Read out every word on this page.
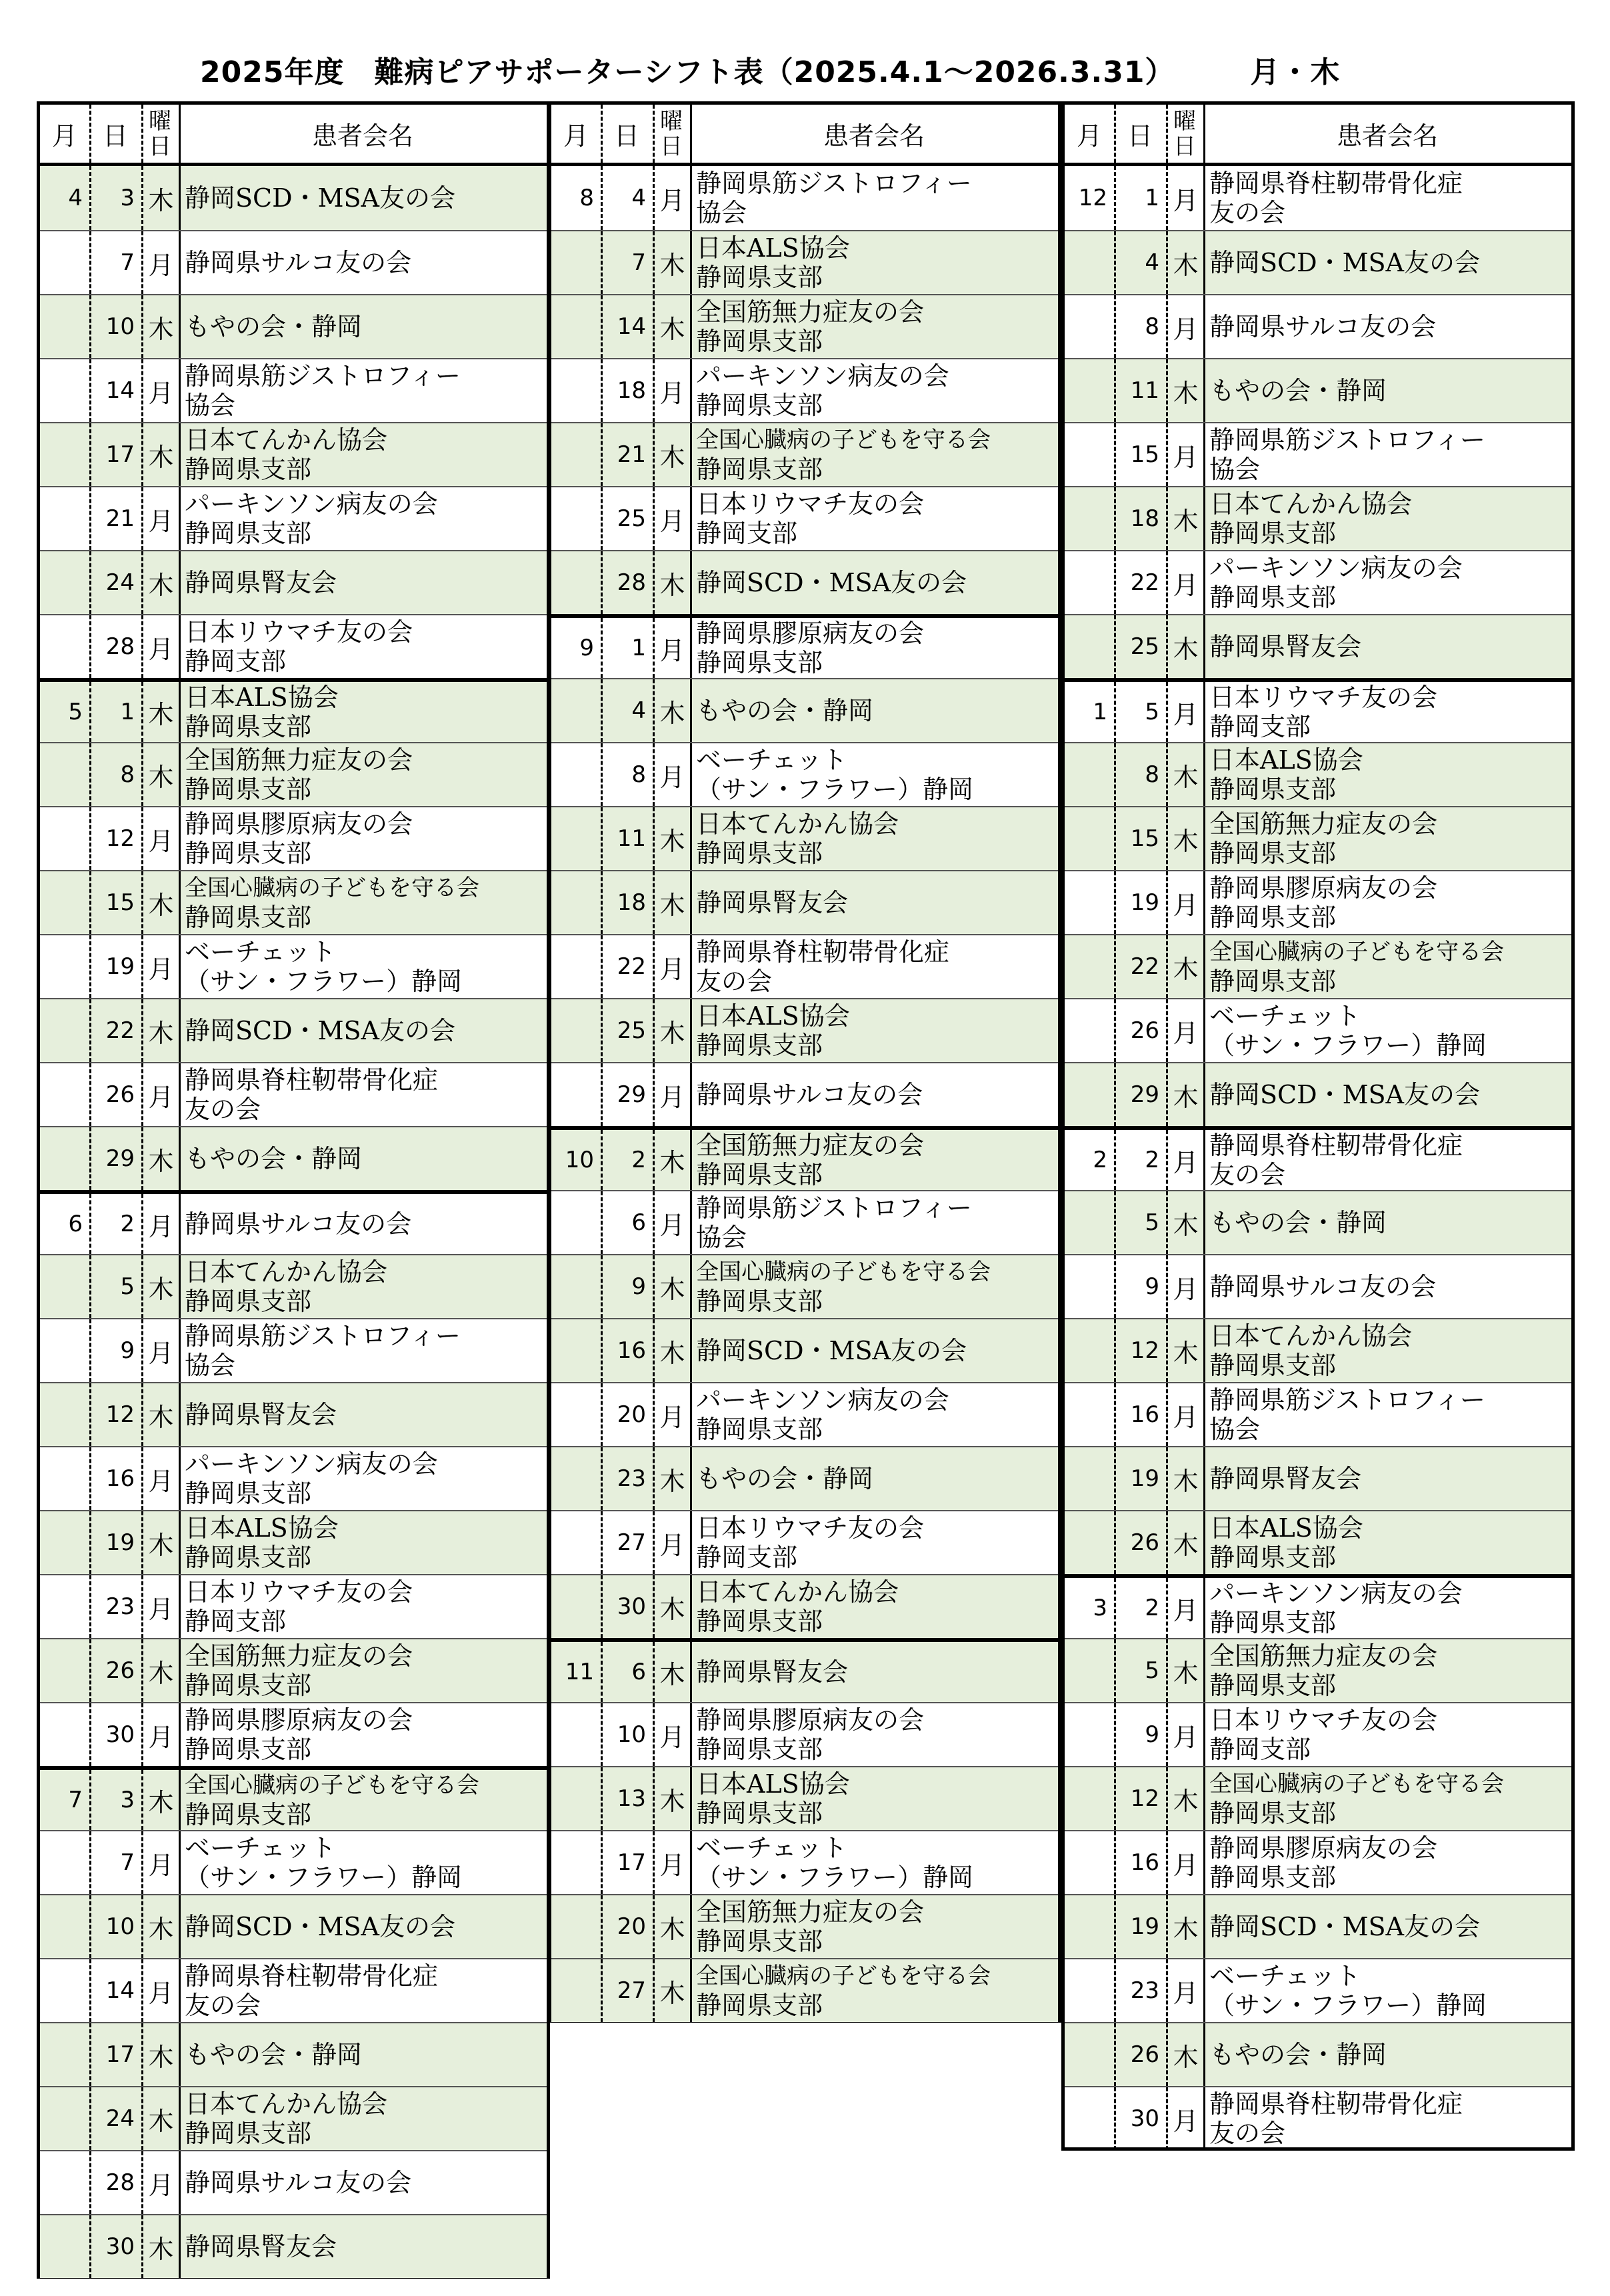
2025年度　難病ピアサポーターシフト表（2025.4.1～2026.3.31）　　　月・木
月 日
曜
日	患者会名
4	3 木 静岡SCD・MSA友の会
7 月 静岡県サルコ友の会
10 木 もやの会・静岡
14 月
静岡県筋ジストロフィー
協会
17 木
日本てんかん協会
静岡県支部
21 月
パーキンソン病友の会
静岡県支部
24 木 静岡県腎友会
28 月
日本リウマチ友の会
静岡支部
5	1 木
日本ALS協会
静岡県支部
8 木
全国筋無力症友の会
静岡県支部
12 月
静岡県膠原病友の会
静岡県支部
15 木
全国心臓病の子どもを守る会
静岡県支部
19 月
ベーチェット
（サン・フラワー）静岡
22 木 静岡SCD・MSA友の会
26 月
静岡県脊柱靭帯骨化症
友の会
29 木 もやの会・静岡
6	2 月 静岡県サルコ友の会
5 木
日本てんかん協会
静岡県支部
9 月
静岡県筋ジストロフィー
協会
12 木 静岡県腎友会
16 月
パーキンソン病友の会
静岡県支部
19 木
日本ALS協会
静岡県支部
23 月
日本リウマチ友の会
静岡支部
26 木
全国筋無力症友の会
静岡県支部
30 月
静岡県膠原病友の会
静岡県支部
7	3 木
全国心臓病の子どもを守る会
静岡県支部
7 月
ベーチェット
（サン・フラワー）静岡
10 木 静岡SCD・MSA友の会
14 月
静岡県脊柱靭帯骨化症
友の会
17 木 もやの会・静岡
24 木
日本てんかん協会
静岡県支部
28 月 静岡県サルコ友の会
30 木 静岡県腎友会
月 日
曜
日	患者会名
8	4 月
静岡県筋ジストロフィー
協会
7 木
日本ALS協会
静岡県支部
14 木
全国筋無力症友の会
静岡県支部
18 月
パーキンソン病友の会
静岡県支部
21 木
全国心臓病の子どもを守る会
静岡県支部
25 月
日本リウマチ友の会
静岡支部
28 木 静岡SCD・MSA友の会
9	1 月
静岡県膠原病友の会
静岡県支部
4 木 もやの会・静岡
8 月
ベーチェット
（サン・フラワー）静岡
11 木
日本てんかん協会
静岡県支部
18 木 静岡県腎友会
22 月
静岡県脊柱靭帯骨化症
友の会
25 木
日本ALS協会
静岡県支部
29 月 静岡県サルコ友の会
10	2 木
全国筋無力症友の会
静岡県支部
6 月
静岡県筋ジストロフィー
協会
9 木
全国心臓病の子どもを守る会
静岡県支部
16 木 静岡SCD・MSA友の会
20 月
パーキンソン病友の会
静岡県支部
23 木 もやの会・静岡
27 月
日本リウマチ友の会
静岡支部
30 木
日本てんかん協会
静岡県支部
11	6 木 静岡県腎友会
10 月
静岡県膠原病友の会
静岡県支部
13 木
日本ALS協会
静岡県支部
17 月
ベーチェット
（サン・フラワー）静岡
20 木
全国筋無力症友の会
静岡県支部
27 木
全国心臓病の子どもを守る会
静岡県支部
月 日
曜
日	患者会名
12	1 月
静岡県脊柱靭帯骨化症
友の会
4 木 静岡SCD・MSA友の会
8 月 静岡県サルコ友の会
11 木 もやの会・静岡
15 月
静岡県筋ジストロフィー
協会
18 木
日本てんかん協会
静岡県支部
22 月
パーキンソン病友の会
静岡県支部
25 木 静岡県腎友会
1	5 月
日本リウマチ友の会
静岡支部
8 木
日本ALS協会
静岡県支部
15 木
全国筋無力症友の会
静岡県支部
19 月
静岡県膠原病友の会
静岡県支部
22 木
全国心臓病の子どもを守る会
静岡県支部
26 月
ベーチェット
（サン・フラワー）静岡
29 木 静岡SCD・MSA友の会
2	2 月
静岡県脊柱靭帯骨化症
友の会
5 木 もやの会・静岡
9 月 静岡県サルコ友の会
12 木
日本てんかん協会
静岡県支部
16 月
静岡県筋ジストロフィー
協会
19 木 静岡県腎友会
26 木
日本ALS協会
静岡県支部
3	2 月
パーキンソン病友の会
静岡県支部
5 木
全国筋無力症友の会
静岡県支部
9 月
日本リウマチ友の会
静岡支部
12 木
全国心臓病の子どもを守る会
静岡県支部
16 月
静岡県膠原病友の会
静岡県支部
19 木 静岡SCD・MSA友の会
23 月
ベーチェット
（サン・フラワー）静岡
26 木 もやの会・静岡
30 月
静岡県脊柱靭帯骨化症
友の会
